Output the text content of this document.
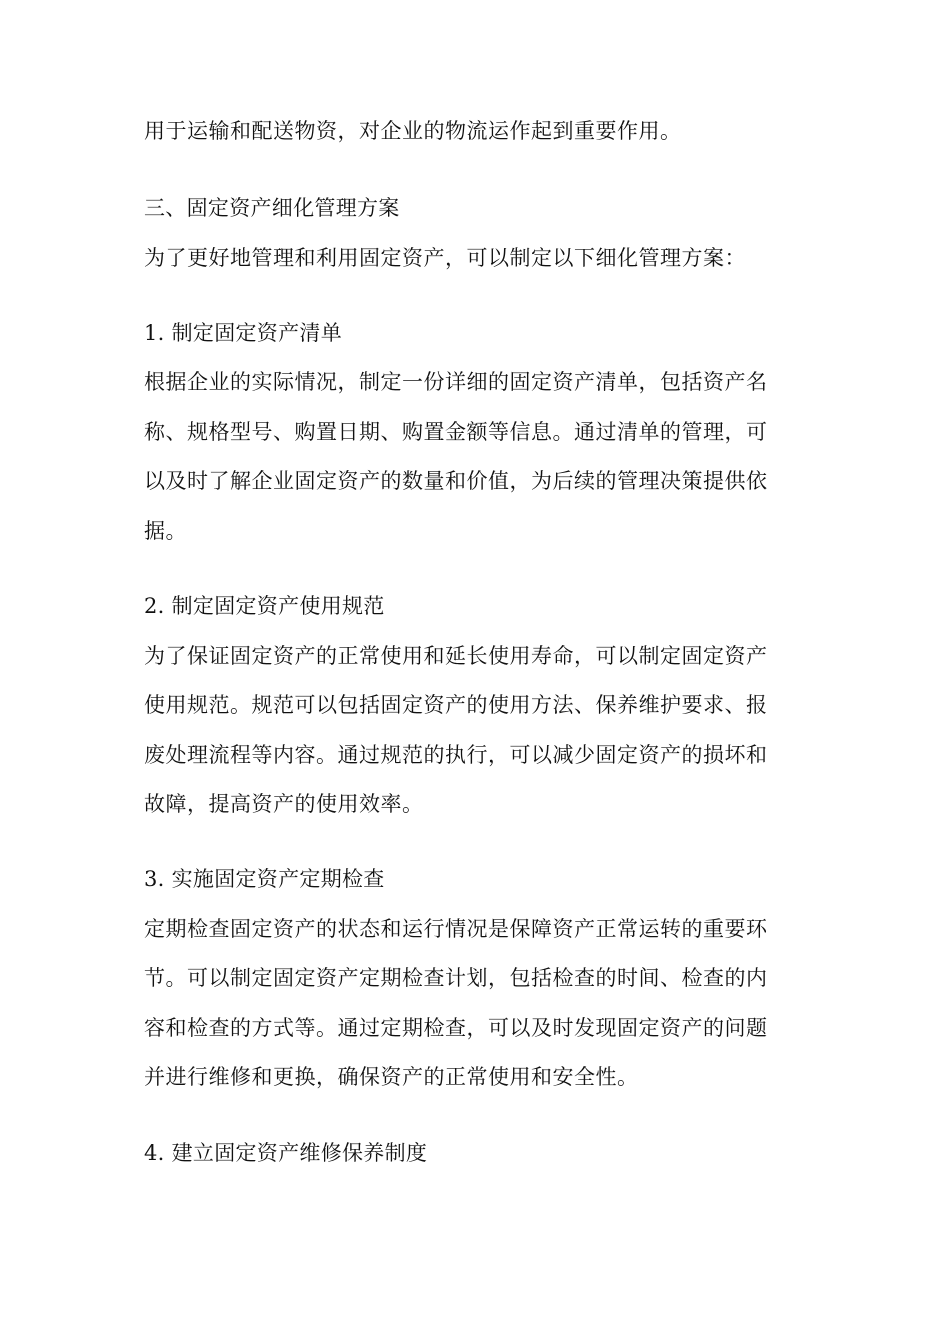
用于运输和配送物资，对企业的物流运作起到重要作用。
三、固定资产细化管理方案
为了更好地管理和利用固定资产，可以制定以下细化管理方案：
1. 制定固定资产清单
根据企业的实际情况，制定一份详细的固定资产清单，包括资产名
称、规格型号、购置日期、购置金额等信息。通过清单的管理，可
以及时了解企业固定资产的数量和价值，为后续的管理决策提供依
据。
2. 制定固定资产使用规范
为了保证固定资产的正常使用和延长使用寿命，可以制定固定资产
使用规范。规范可以包括固定资产的使用方法、保养维护要求、报
废处理流程等内容。通过规范的执行，可以减少固定资产的损坏和
故障，提高资产的使用效率。
3. 实施固定资产定期检查
定期检查固定资产的状态和运行情况是保障资产正常运转的重要环
节。可以制定固定资产定期检查计划，包括检查的时间、检查的内
容和检查的方式等。通过定期检查，可以及时发现固定资产的问题
并进行维修和更换，确保资产的正常使用和安全性。
4. 建立固定资产维修保养制度
